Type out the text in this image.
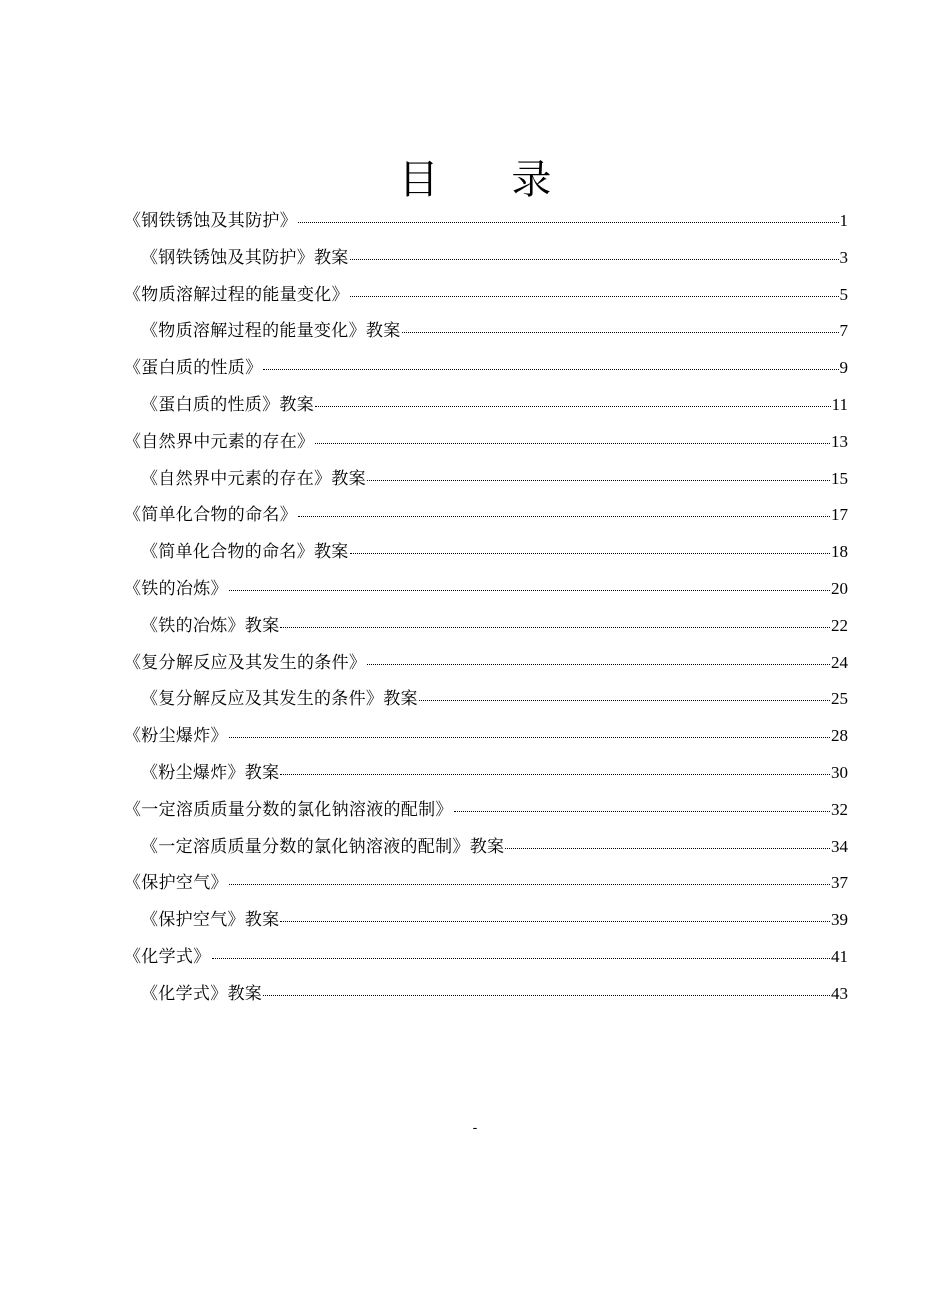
目 录
《钢铁锈蚀及其防护》	1
《钢铁锈蚀及其防护》教案	3
《物质溶解过程的能量变化》	5
《物质溶解过程的能量变化》教案	7
《蛋白质的性质》	9
《蛋白质的性质》教案	11
《自然界中元素的存在》	13
《自然界中元素的存在》教案	15
《简单化合物的命名》	17
《简单化合物的命名》教案	18
《铁的冶炼》	20
《铁的冶炼》教案	22
《复分解反应及其发生的条件》	24
《复分解反应及其发生的条件》教案	25
《粉尘爆炸》	28
《粉尘爆炸》教案	30
《一定溶质质量分数的氯化钠溶液的配制》	32
《一定溶质质量分数的氯化钠溶液的配制》教案	34
《保护空气》	37
《保护空气》教案	39
《化学式》	41
《化学式》教案	43
-
